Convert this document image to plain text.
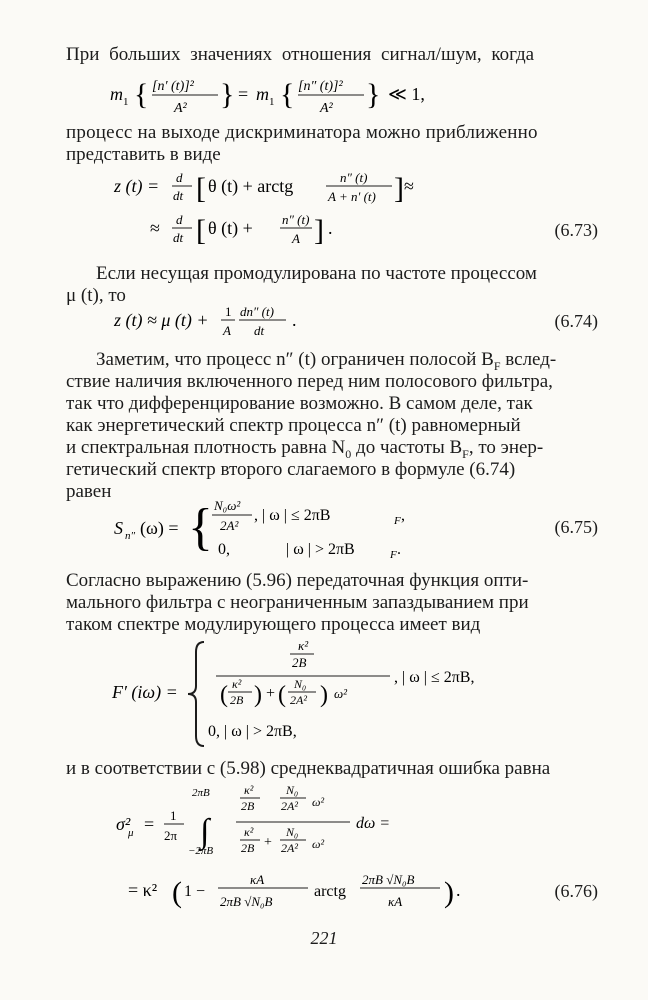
При больших значениях отношения сигнал/шум, когда

m 1 { [n′ (t)]²
A² } = m 1 { [n″ (t)]²
A² } ≪ 1,

процесс на выходе дискриминатора можно приближенно

представить в виде

z (t) = d
dt [ θ (t) + arctg	n″ (t)
A + n′ (t) ] ≈
≈ d
dt [ θ (t) + n″ (t)
A ] .	(6.73)

Если несущая промодулирована по частоте процессом

μ (t), то

z (t) ≈ μ (t) + 1
A
dn″ (t)
dt
.	(6.74)

Заметим, что процесс n″ (t) ограничен полосой $B_F$ вслед-

ствие наличия включенного перед ним полосового фильтра,

так что дифференцирование возможно. В самом деле, так

как энергетический спектр процесса n″ (t) равномерный

и спектральная плотность равна $N_0$ до частоты $B_F$, то энер-

гетический спектр второго слагаемого в формуле (6.74)

равен

S n″ (ω) = { N₀ω²
2A²
, | ω | ≤ 2πB	F ,
0,	| ω | > 2πB	F .
(6.75)

Согласно выражению (5.96) передаточная функция опти-

мального фильтра с неограниченным запаздыванием при

таком спектре модулирующего процесса имеет вид

F′ (iω) =
κ²
2B
( κ²
2B ) + ( N₀
2A² ) ω²
, | ω | ≤ 2πB,
0, | ω | > 2πB,

и в соответствии с (5.98) среднеквадратичная ошибка равна

σ²
μ = 1
2π
2πB
∫
−2πB
κ²
2B
N₀
2A² ω²
κ²
2B +
N₀
2A² ω²
dω =
= κ² ( 1 −
κA
2πB √N₀B
arctg
2πB √N₀B
κA ) .	(6.76)
221
